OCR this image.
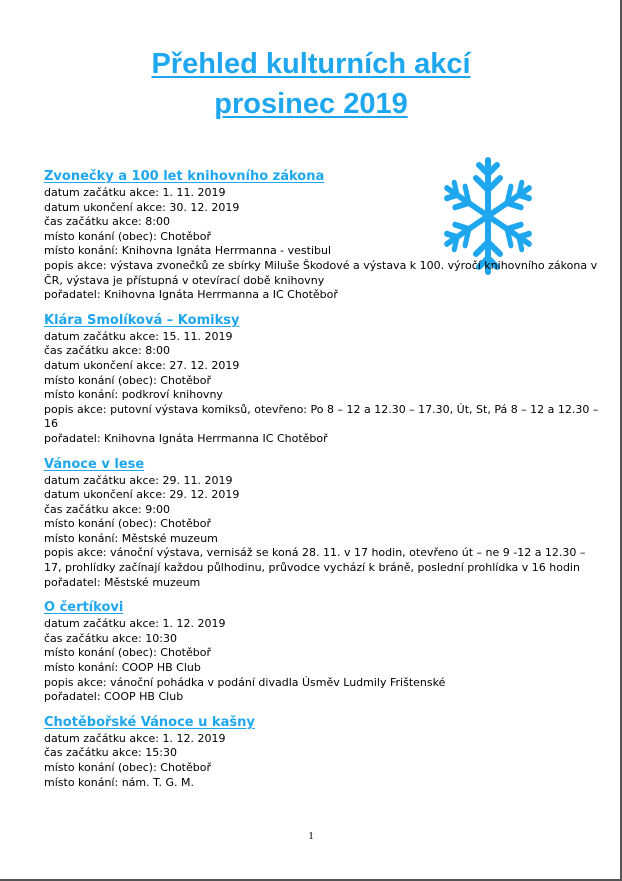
Přehled kulturních akcí
prosinec 2019
Zvonečky a 100 let knihovního zákona
datum začátku akce: 1. 11. 2019
datum ukončení akce: 30. 12. 2019
čas začátku akce: 8:00
místo konání (obec): Chotěboř
místo konání: Knihovna Ignáta Herrmanna - vestibul
popis akce: výstava zvonečků ze sbírky Miluše Škodové a výstava k 100. výročí knihovního zákona v ČR, výstava je přístupná v otevírací době knihovny
pořadatel: Knihovna Ignáta Herrmanna a IC Chotěboř
Klára Smolíková – Komiksy
datum začátku akce: 15. 11. 2019
čas začátku akce: 8:00
datum ukončení akce: 27. 12. 2019
místo konání (obec): Chotěboř
místo konání: podkroví knihovny
popis akce: putovní výstava komiksů, otevřeno: Po 8 – 12 a 12.30 – 17.30, Út, St, Pá 8 – 12 a 12.30 – 16
pořadatel: Knihovna Ignáta Herrmanna IC Chotěboř
Vánoce v lese
datum začátku akce: 29. 11. 2019
datum ukončení akce: 29. 12. 2019
čas začátku akce: 9:00
místo konání (obec): Chotěboř
místo konání: Městské muzeum
popis akce: vánoční výstava, vernisáž se koná 28. 11. v 17 hodin, otevřeno út – ne 9 -12 a 12.30 – 17, prohlídky začínají každou půlhodinu, průvodce vychází k bráně, poslední prohlídka v 16 hodin
pořadatel: Městské muzeum
O čertíkovi
datum začátku akce: 1. 12. 2019
čas začátku akce: 10:30
místo konání (obec): Chotěboř
místo konání: COOP HB Club
popis akce: vánoční pohádka v podání divadla Úsměv Ludmily Frištenské
pořadatel: COOP HB Club
Chotěbořské Vánoce u kašny
datum začátku akce: 1. 12. 2019
čas začátku akce: 15:30
místo konání (obec): Chotěboř
místo konání: nám. T. G. M.
1
